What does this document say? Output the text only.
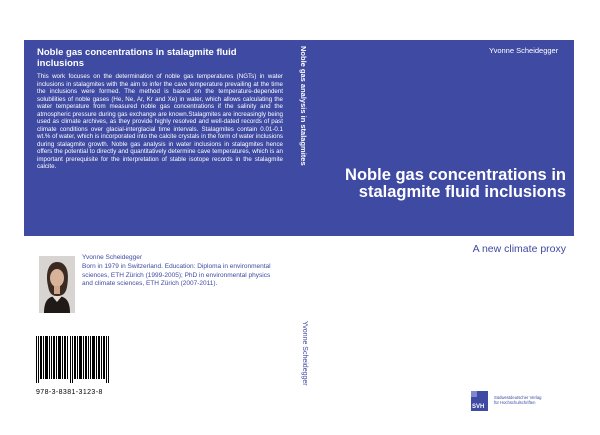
Noble gas concentrations in stalagmite fluid inclusions

This work focuses on the determination of noble gas temperatures (NGTs) in water inclusions in stalagmites with the aim to infer the cave temperature prevailing at the time the inclusions were formed. The method is based on the temperature-dependent solubilities of noble gases (He, Ne, Ar, Kr and Xe) in water, which allows calculating the water temperature from measured noble gas concentrations if the salinity and the atmospheric pressure during gas exchange are known.Stalagmites are increasingly being used as climate archives, as they provide highly resolved and well-dated records of past climate conditions over glacial-interglacial time intervals. Stalagmites contain 0.01-0.1 wt.% of water, which is incorporated into the calcite crystals in the form of water inclusions during stalagmite growth. Noble gas analysis in water inclusions in stalagmites hence offers the potential to directly and quantitatively determine cave temperatures, which is an important prerequisite for the interpretation of stable isotope records in the stalagmite calcite.

Noble gas analysis in stalagmites
Yvonne Scheidegger
Yvonne Scheidegger
Noble gas concentrations in stalagmite fluid inclusions
A new climate proxy
Yvonne Scheidegger

Born in 1979 in Switzerland. Education: Diploma in environmental sciences, ETH Zürich (1999-2005); PhD in environmental physics and climate sciences, ETH Zürich (2007-2011).

978-3-8381-3123-8
SVH
Südwestdeutscher Verlag
für Hochschulschriften
